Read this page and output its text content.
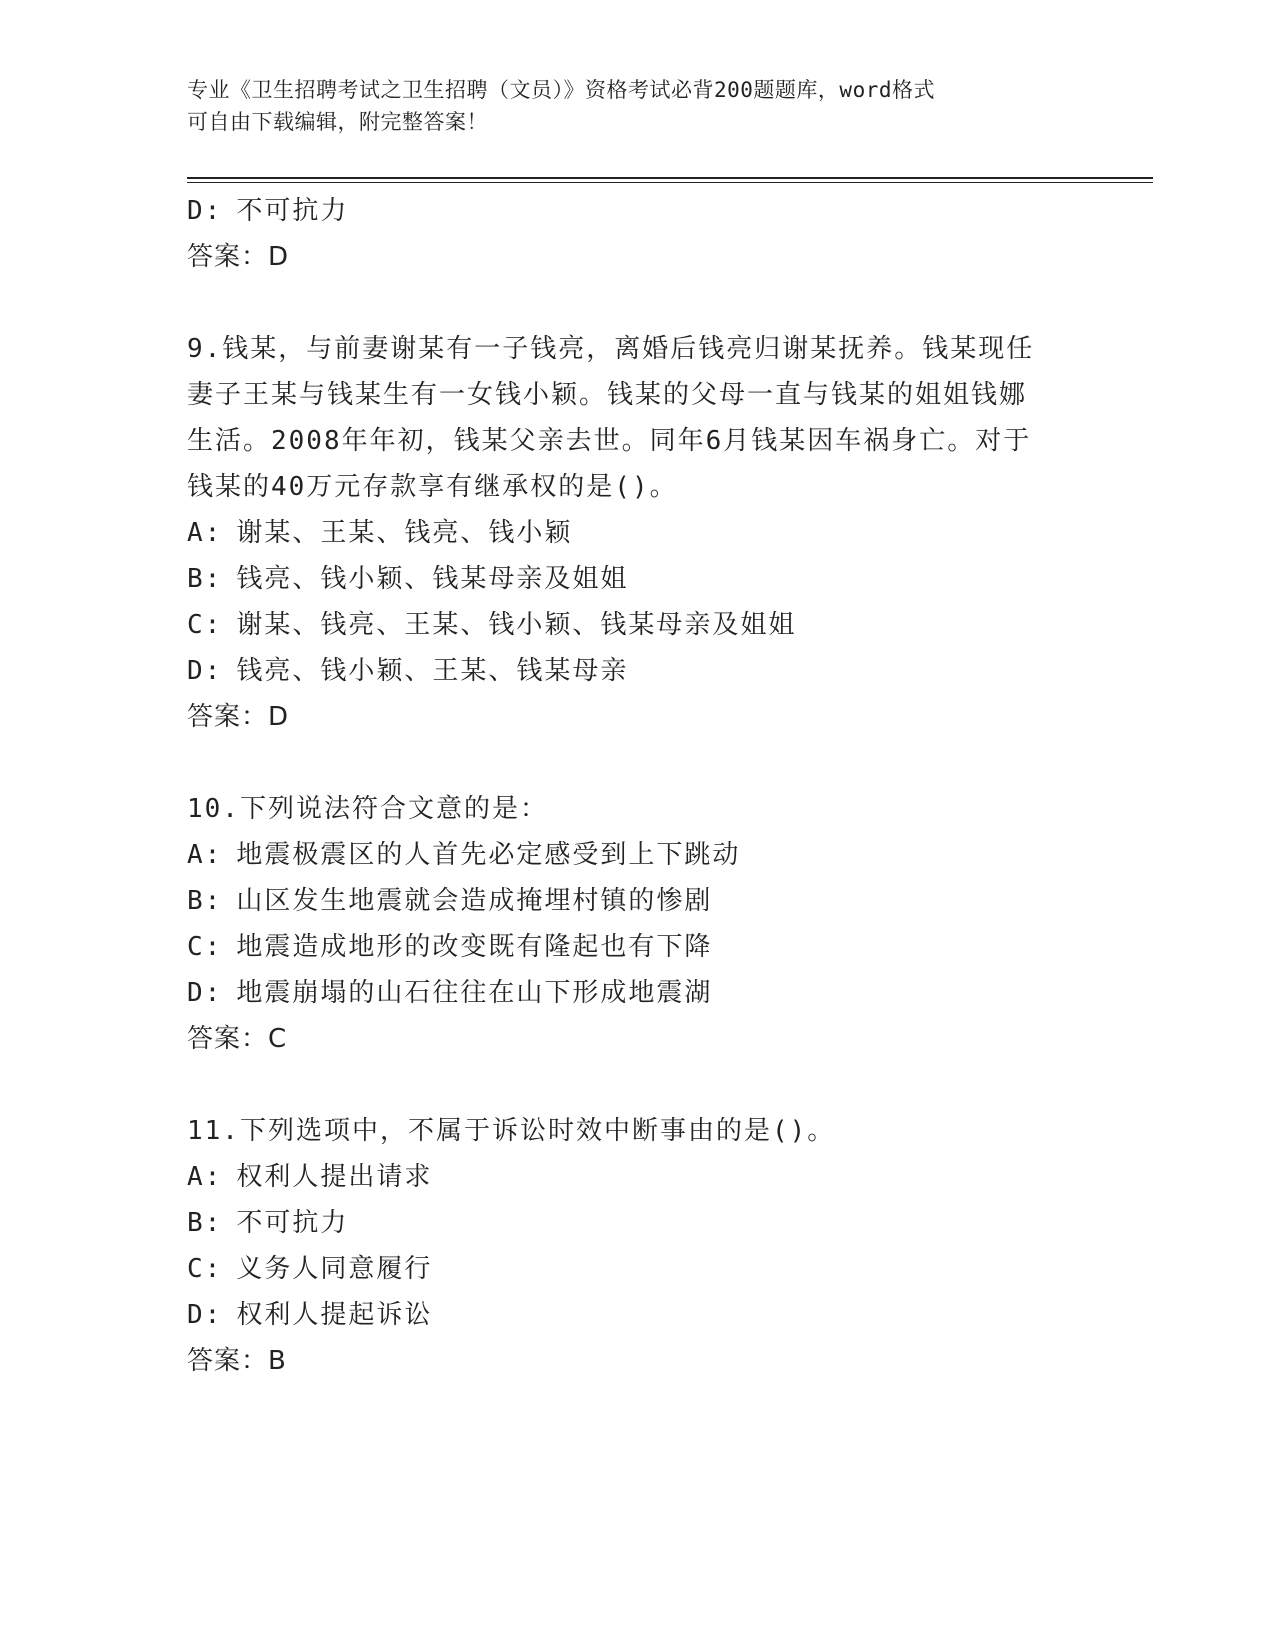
专业《卫生招聘考试之卫生招聘（文员）》资格考试必背200题题库，word格式
可自由下载编辑，附完整答案！
D: 不可抗力
答案：D
9.钱某，与前妻谢某有一子钱亮，离婚后钱亮归谢某抚养。钱某现任
妻子王某与钱某生有一女钱小颖。钱某的父母一直与钱某的姐姐钱娜
生活。2008年年初，钱某父亲去世。同年6月钱某因车祸身亡。对于
钱某的40万元存款享有继承权的是()。
A: 谢某、王某、钱亮、钱小颖
B: 钱亮、钱小颖、钱某母亲及姐姐
C: 谢某、钱亮、王某、钱小颖、钱某母亲及姐姐
D: 钱亮、钱小颖、王某、钱某母亲
答案：D
10.下列说法符合文意的是：
A: 地震极震区的人首先必定感受到上下跳动
B: 山区发生地震就会造成掩埋村镇的惨剧
C: 地震造成地形的改变既有隆起也有下降
D: 地震崩塌的山石往往在山下形成地震湖
答案：C
11.下列选项中，不属于诉讼时效中断事由的是()。
A: 权利人提出请求
B: 不可抗力
C: 义务人同意履行
D: 权利人提起诉讼
答案：B
